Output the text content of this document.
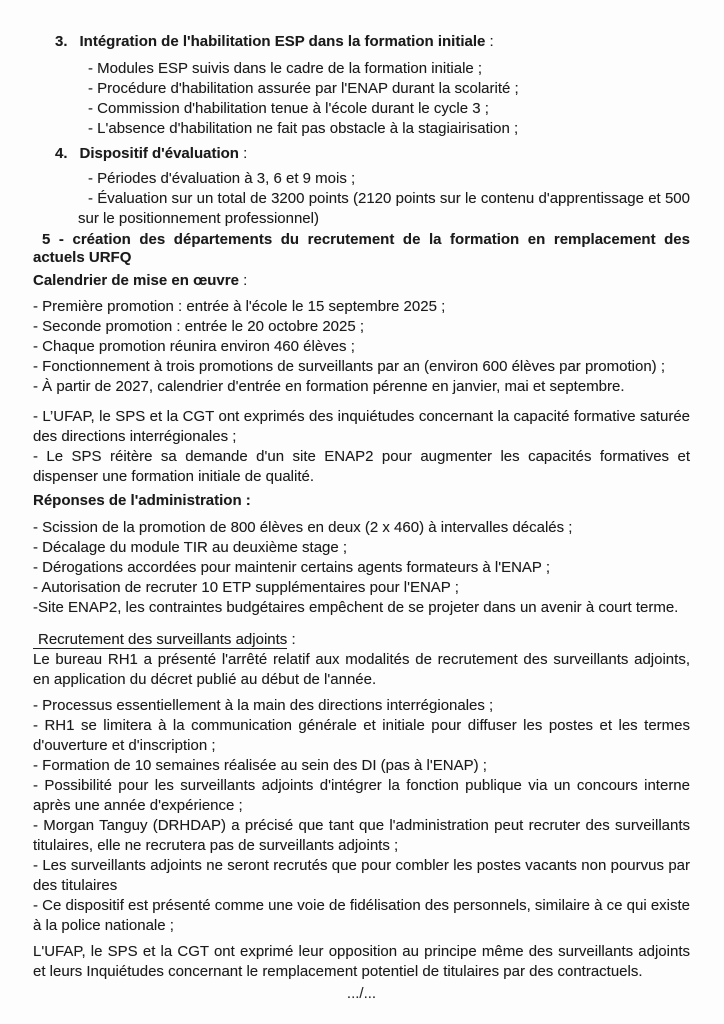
3. Intégration de l'habilitation ESP dans la formation initiale :

- Modules ESP suivis dans le cadre de la formation initiale ;

- Procédure d'habilitation assurée par l'ENAP durant la scolarité ;

- Commission d'habilitation tenue à l'école durant le cycle 3 ;

- L'absence d'habilitation ne fait pas obstacle à la stagiairisation ;

4. Dispositif d'évaluation :

- Périodes d'évaluation à 3, 6 et 9 mois ;

- Évaluation sur un total de 3200 points (2120 points sur le contenu d'apprentissage et 500 sur le positionnement professionnel)

5 - création des départements du recrutement de la formation en remplacement des actuels URFQ

Calendrier de mise en œuvre :

- Première promotion : entrée à l'école le 15 septembre 2025 ;

- Seconde promotion : entrée le 20 octobre 2025 ;

- Chaque promotion réunira environ 460 élèves ;

- Fonctionnement à trois promotions de surveillants par an (environ 600 élèves par promotion) ;

- À partir de 2027, calendrier d'entrée en formation pérenne en janvier, mai et septembre.

- L’UFAP, le SPS et la CGT ont exprimés des inquiétudes concernant la capacité formative saturée des directions interrégionales ;

- Le SPS réitère sa demande d'un site ENAP2 pour augmenter les capacités formatives et dispenser une formation initiale de qualité.

Réponses de l'administration :

- Scission de la promotion de 800 élèves en deux (2 x 460) à intervalles décalés ;

- Décalage du module TIR au deuxième stage ;

- Dérogations accordées pour maintenir certains agents formateurs à l'ENAP ;

- Autorisation de recruter 10 ETP supplémentaires pour l'ENAP ;

-Site ENAP2, les contraintes budgétaires empêchent de se projeter dans un avenir à court terme.

Recrutement des surveillants adjoints :

Le bureau RH1 a présenté l'arrêté relatif aux modalités de recrutement des surveillants adjoints, en application du décret publié au début de l'année.

- Processus essentiellement à la main des directions interrégionales ;

- RH1 se limitera à la communication générale et initiale pour diffuser les postes et les termes d'ouverture et d'inscription ;

- Formation de 10 semaines réalisée au sein des DI (pas à l'ENAP) ;

- Possibilité pour les surveillants adjoints d'intégrer la fonction publique via un concours interne après une année d'expérience ;

- Morgan Tanguy (DRHDAP) a précisé que tant que l'administration peut recruter des surveillants titulaires, elle ne recrutera pas de surveillants adjoints ;

- Les surveillants adjoints ne seront recrutés que pour combler les postes vacants non pourvus par des titulaires

- Ce dispositif est présenté comme une voie de fidélisation des personnels, similaire à ce qui existe à la police nationale ;

L'UFAP, le SPS et la CGT ont exprimé leur opposition au principe même des surveillants adjoints et leurs Inquiétudes concernant le remplacement potentiel de titulaires par des contractuels.

.../...
